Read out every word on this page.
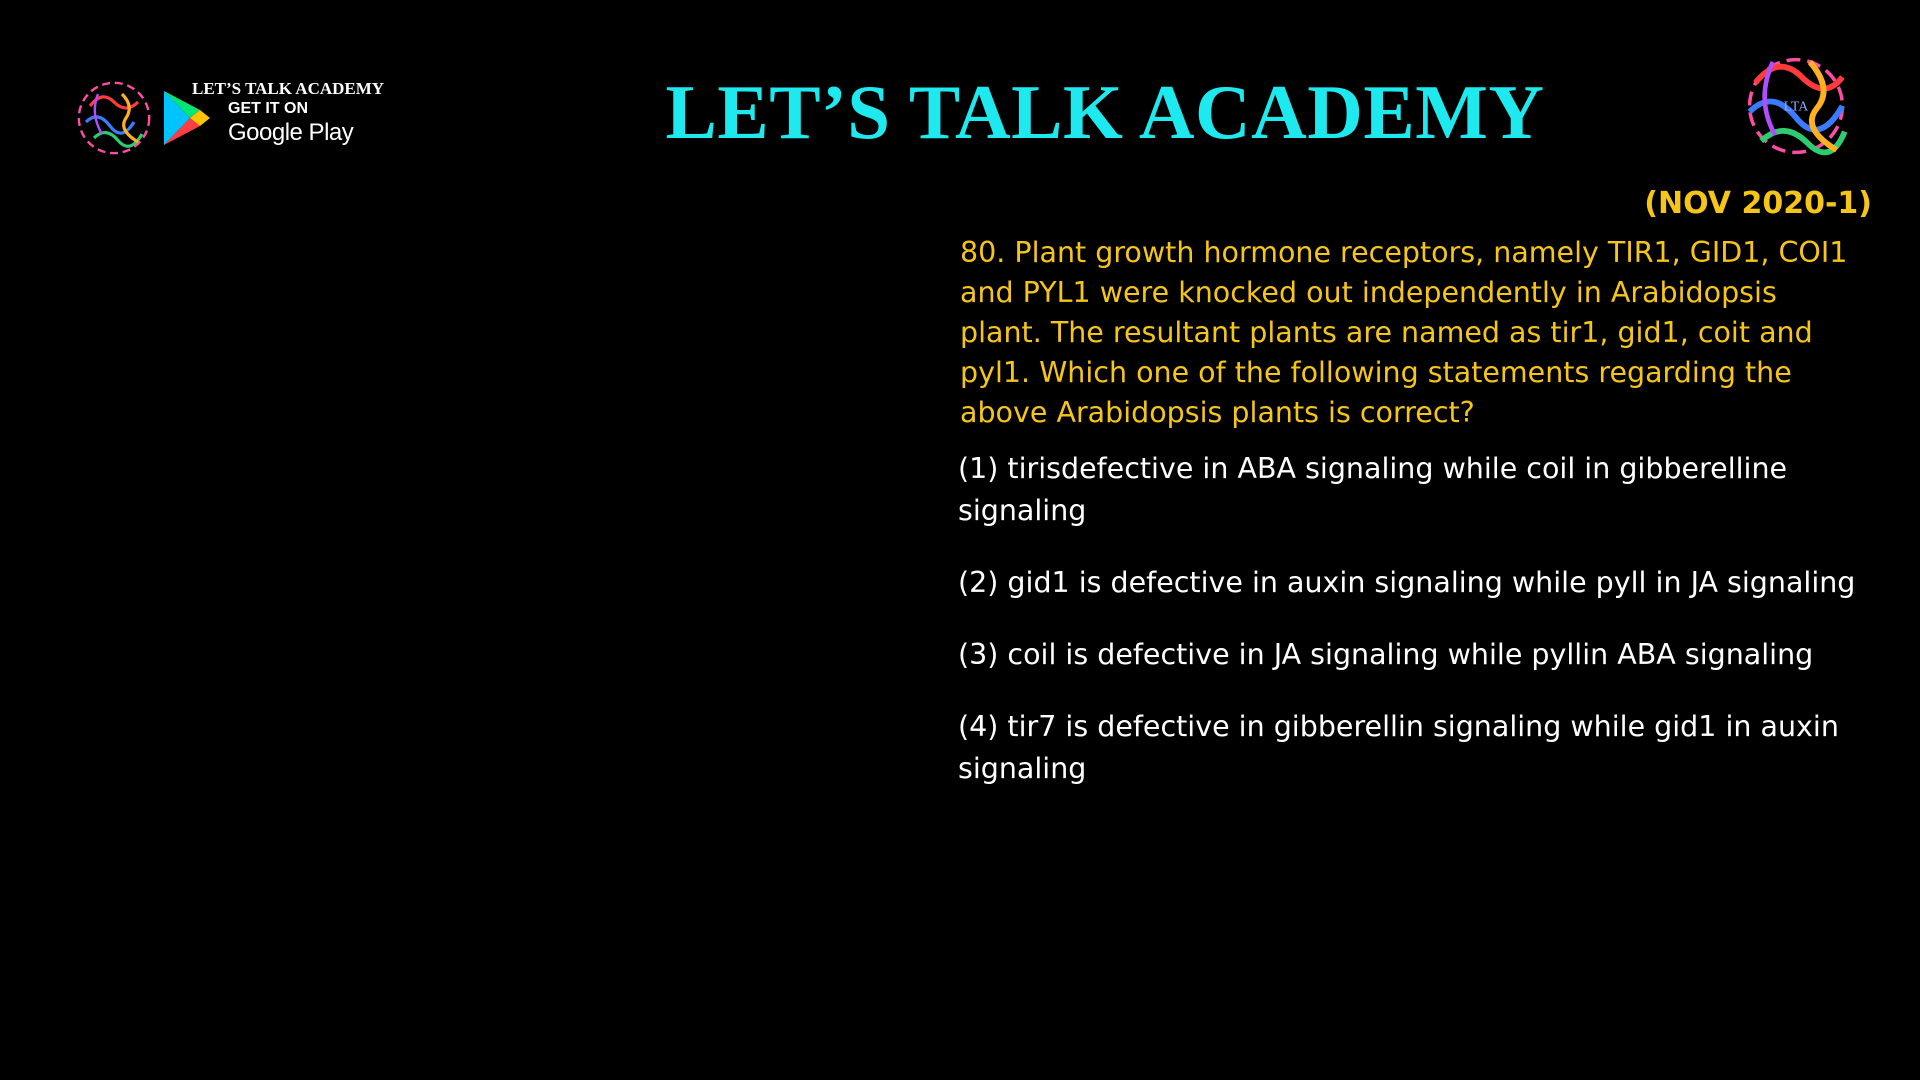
LET’S TALK ACADEMY
GET IT ON
Google Play	LET’S TALK ACADEMY	LTA
(NOV 2020-1)
80. Plant growth hormone receptors, namely TIR1, GID1, COI1 and PYL1 were knocked out independently in Arabidopsis plant. The resultant plants are named as tir1, gid1, coit and pyl1. Which one of the following statements regarding the above Arabidopsis plants is correct?
(1) tirisdefective in ABA signaling while coil in gibberelline signaling
(2) gid1 is defective in auxin signaling while pyll in JA signaling
(3) coil is defective in JA signaling while pyllin ABA signaling
(4) tir7 is defective in gibberellin signaling while gid1 in auxin signaling
